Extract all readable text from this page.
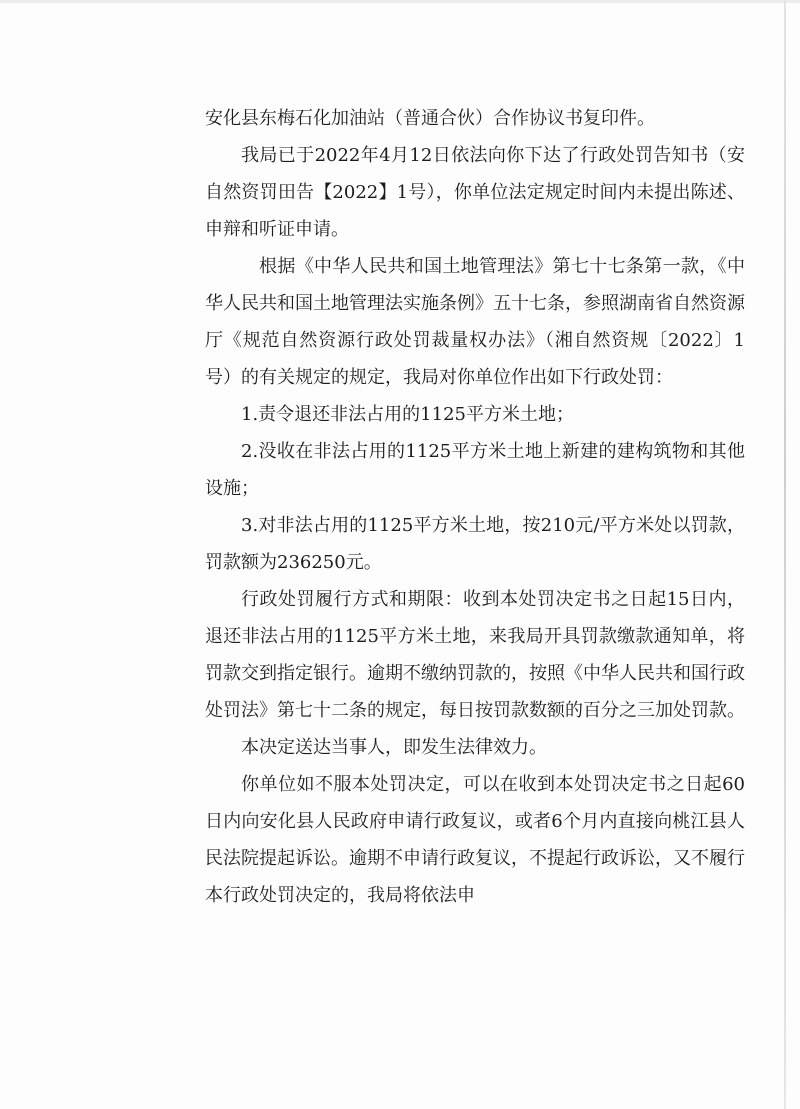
安化县东梅石化加油站（普通合伙）合作协议书复印件。

我局已于2022年4月12日依法向你下达了行政处罚告知书（安自然资罚田告【2022】1号），你单位法定规定时间内未提出陈述、申辩和听证申请。

根据《中华人民共和国土地管理法》第七十七条第一款，《中华人民共和国土地管理法实施条例》五十七条，参照湖南省自然资源厅《规范自然资源行政处罚裁量权办法》（湘自然资规〔2022〕1号）的有关规定的规定，我局对你单位作出如下行政处罚：

1.责令退还非法占用的1125平方米土地；

2.没收在非法占用的1125平方米土地上新建的建构筑物和其他设施；

3.对非法占用的1125平方米土地，按210元/平方米处以罚款，罚款额为236250元。

行政处罚履行方式和期限：收到本处罚决定书之日起15日内，退还非法占用的1125平方米土地，来我局开具罚款缴款通知单，将罚款交到指定银行。逾期不缴纳罚款的，按照《中华人民共和国行政处罚法》第七十二条的规定，每日按罚款数额的百分之三加处罚款。

本决定送达当事人，即发生法律效力。

你单位如不服本处罚决定，可以在收到本处罚决定书之日起60日内向安化县人民政府申请行政复议，或者6个月内直接向桃江县人民法院提起诉讼。逾期不申请行政复议，不提起行政诉讼，又不履行本行政处罚决定的，我局将依法申
